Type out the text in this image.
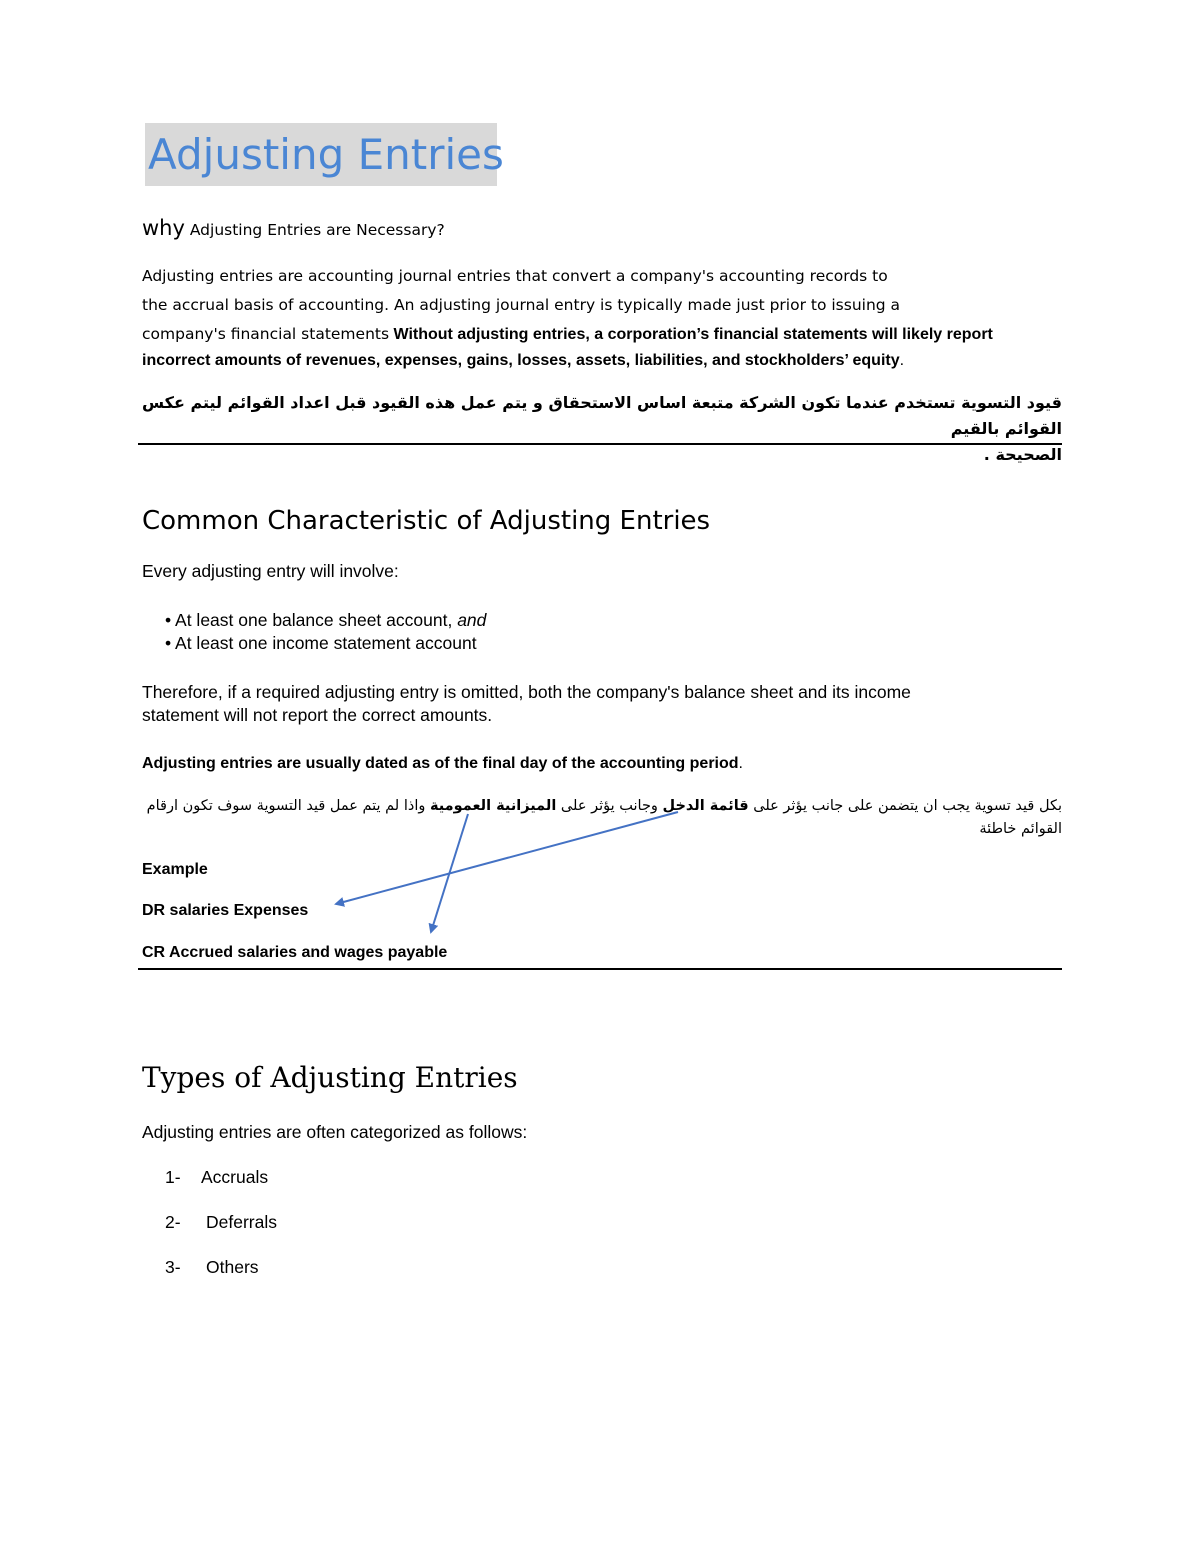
Adjusting Entries
why Adjusting Entries are Necessary?
Adjusting entries are accounting journal entries that convert a company's accounting records to
the accrual basis of accounting. An adjusting journal entry is typically made just prior to issuing a
company's financial statements Without adjusting entries, a corporation’s financial statements will likely report
incorrect amounts of revenues, expenses, gains, losses, assets, liabilities, and stockholders’ equity.
قيود التسوية تستخدم عندما تكون الشركة متبعة اساس الاستحقاق و يتم عمل هذه القيود قبل اعداد القوائم ليتم عكس القوائم بالقيم
الصحيحة .
Common Characteristic of Adjusting Entries
Every adjusting entry will involve:
• At least one balance sheet account, and
• At least one income statement account
Therefore, if a required adjusting entry is omitted, both the company's balance sheet and its income
statement will not report the correct amounts.
Adjusting entries are usually dated as of the final day of the accounting period.
بكل قيد تسوية يجب ان يتضمن على جانب يؤثر على قائمة الدخل وجانب يؤثر على الميزانية العمومية واذا لم يتم عمل قيد التسوية سوف تكون ارقام
القوائم خاطئة
Example
DR salaries Expenses
CR Accrued salaries and wages payable
Types of Adjusting Entries
Adjusting entries are often categorized as follows:
1- Accruals
2- Deferrals
3- Others
